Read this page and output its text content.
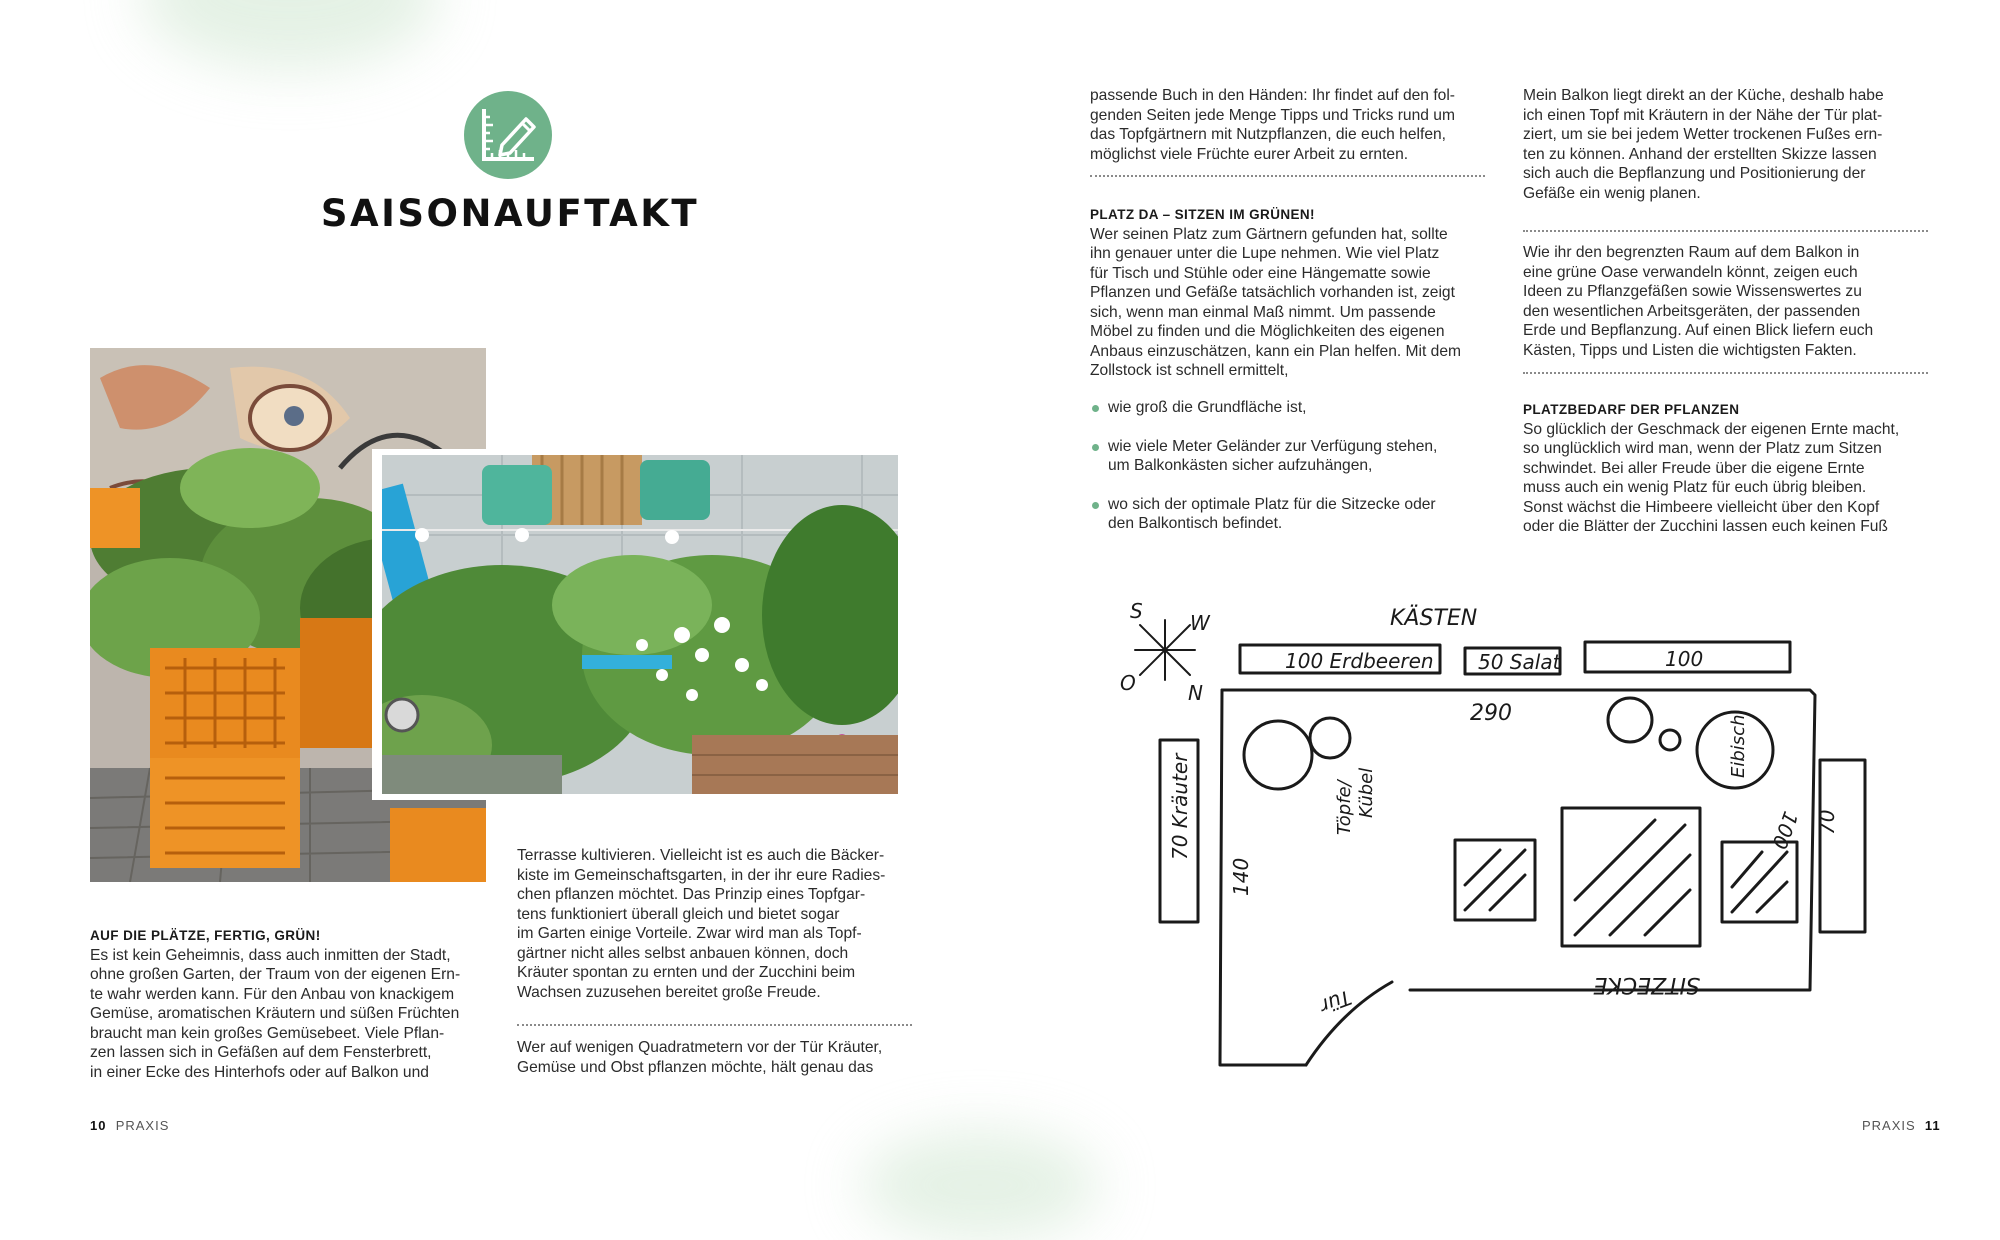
SAISONAUFTAKT

AUF DIE PLÄTZE, FERTIG, GRÜN!

Es ist kein Geheimnis, dass auch inmitten der Stadt,

ohne großen Garten, der Traum von der eigenen Ern-

te wahr werden kann. Für den Anbau von knackigem

Gemüse, aromatischen Kräutern und süßen Früchten

braucht man kein großes Gemüsebeet. Viele Pflan-

zen lassen sich in Gefäßen auf dem Fensterbrett,

in einer Ecke des Hinterhofs oder auf Balkon und

Terrasse kultivieren. Vielleicht ist es auch die Bäcker-

kiste im Gemeinschaftsgarten, in der ihr eure Radies-

chen pflanzen möchtet. Das Prinzip eines Topfgar-

tens funktioniert überall gleich und bietet sogar

im Garten einige Vorteile. Zwar wird man als Topf-

gärtner nicht alles selbst anbauen können, doch

Kräuter spontan zu ernten und der Zucchini beim

Wachsen zuzusehen bereitet große Freude.

Wer auf wenigen Quadratmetern vor der Tür Kräuter,

Gemüse und Obst pflanzen möchte, hält genau das

10 PRAXIS

passende Buch in den Händen: Ihr findet auf den fol-

genden Seiten jede Menge Tipps und Tricks rund um

das Topfgärtnern mit Nutzpflanzen, die euch helfen,

möglichst viele Früchte eurer Arbeit zu ernten.

PLATZ DA – SITZEN IM GRÜNEN!

Wer seinen Platz zum Gärtnern gefunden hat, sollte

ihn genauer unter die Lupe nehmen. Wie viel Platz

für Tisch und Stühle oder eine Hängematte sowie

Pflanzen und Gefäße tatsächlich vorhanden ist, zeigt

sich, wenn man einmal Maß nimmt. Um passende

Möbel zu finden und die Möglichkeiten des eigenen

Anbaus einzuschätzen, kann ein Plan helfen. Mit dem

Zollstock ist schnell ermittelt,

wie groß die Grundfläche ist,
wie viele Meter Geländer zur Verfügung stehen,
um Balkonkästen sicher aufzuhängen,
wo sich der optimale Platz für die Sitzecke oder
den Balkontisch befindet.

Mein Balkon liegt direkt an der Küche, deshalb habe

ich einen Topf mit Kräutern in der Nähe der Tür plat-

ziert, um sie bei jedem Wetter trockenen Fußes ern-

ten zu können. Anhand der erstellten Skizze lassen

sich auch die Bepflanzung und Positionierung der

Gefäße ein wenig planen.

Wie ihr den begrenzten Raum auf dem Balkon in

eine grüne Oase verwandeln könnt, zeigen euch

Ideen zu Pflanzgefäßen sowie Wissenswertes zu

den wesentlichen Arbeitsgeräten, der passenden

Erde und Bepflanzung. Auf einen Blick liefern euch

Kästen, Tipps und Listen die wichtigsten Fakten.

PLATZBEDARF DER PFLANZEN

So glücklich der Geschmack der eigenen Ernte macht,

so unglücklich wird man, wenn der Platz zum Sitzen

schwindet. Bei aller Freude über die eigene Ernte

muss auch ein wenig Platz für euch übrig bleiben.

Sonst wächst die Himbeere vielleicht über den Kopf

oder die Blätter der Zucchini lassen euch keinen Fuß

S W
O	N
KÄSTEN
100 Erdbeeren 50 Salat	100
290
70 Kräuter
140
Töpfe/ Kübel
Eibisch
100 70
Tür
SITZECKE
PRAXIS 11
